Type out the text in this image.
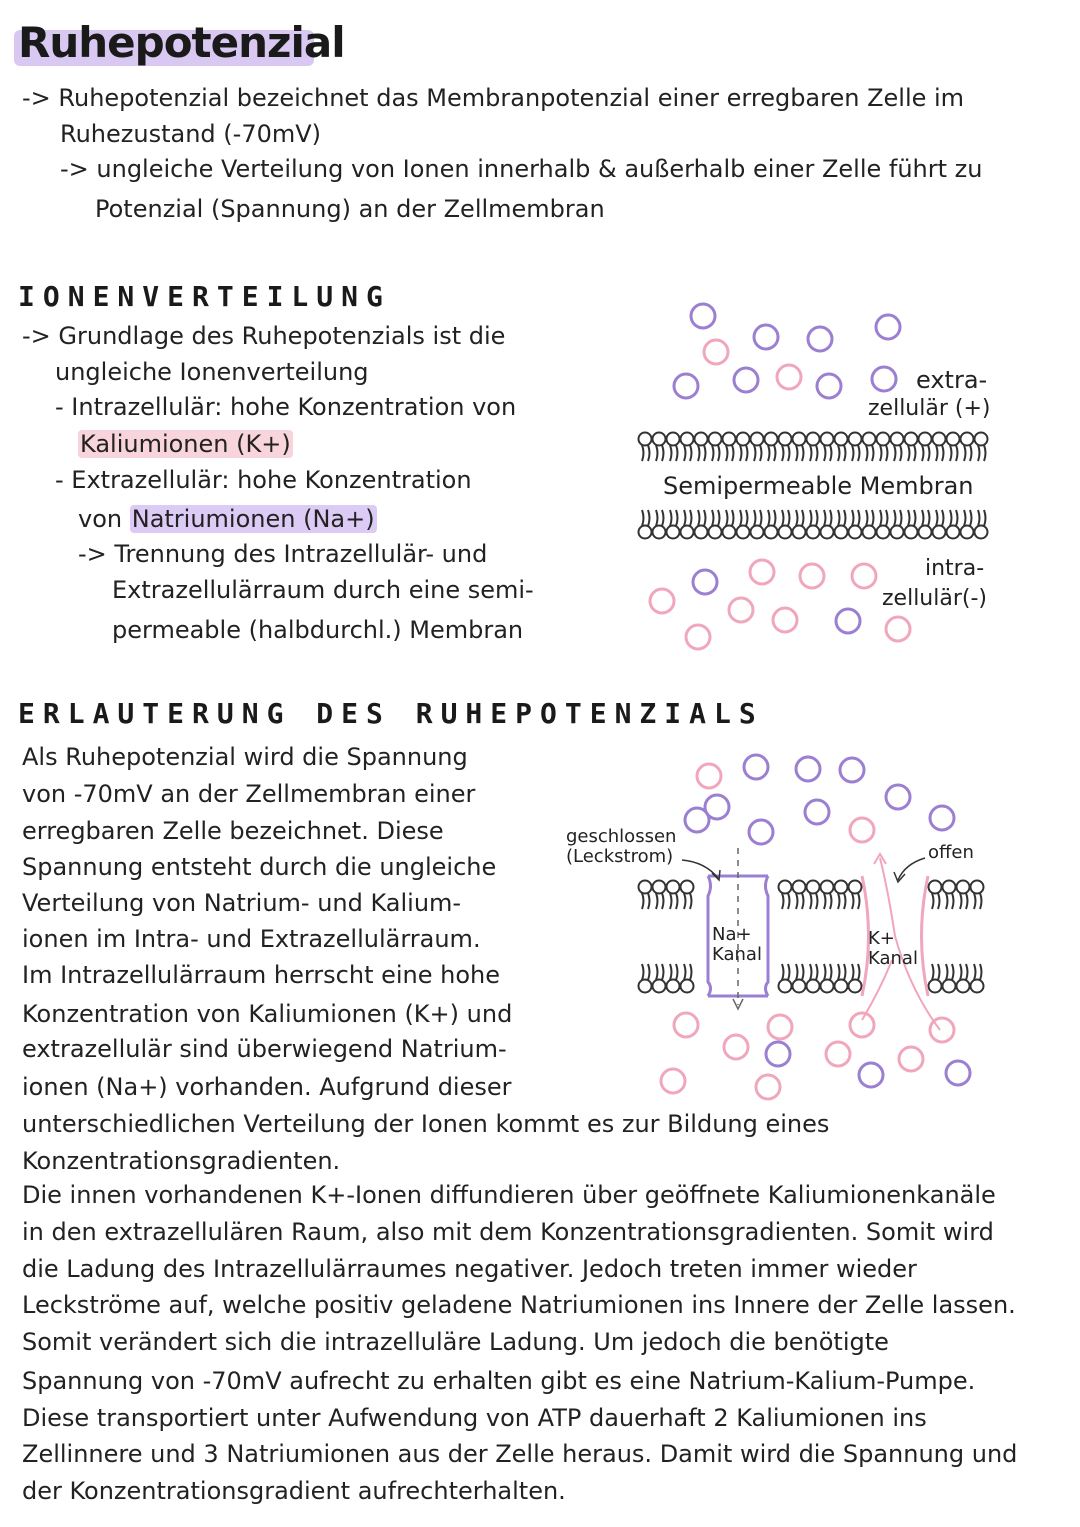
Ruhepotenzial
-> Ruhepotenzial bezeichnet das Membranpotenzial einer erregbaren Zelle im
Ruhezustand (-70mV)
-> ungleiche Verteilung von Ionen innerhalb & außerhalb einer Zelle führt zu
Potenzial (Spannung) an der Zellmembran
IONENVERTEILUNG
-> Grundlage des Ruhepotenzials ist die
ungleiche Ionenverteilung
- Intrazellulär: hohe Konzentration von
Kaliumionen (K+)
- Extrazellulär: hohe Konzentration
von Natriumionen (Na+)
-> Trennung des Intrazellulär- und
Extrazellulärraum durch eine semi-
permeable (halbdurchl.) Membran
extra-
zellulär (+)
Semipermeable Membran
intra-
zellulär(-)
ERLAUTERUNG DES RUHEPOTENZIALS
Als Ruhepotenzial wird die Spannung
von -70mV an der Zellmembran einer
erregbaren Zelle bezeichnet. Diese
Spannung entsteht durch die ungleiche
Verteilung von Natrium- und Kalium-
ionen im Intra- und Extrazellulärraum.
Im Intrazellulärraum herrscht eine hohe
Konzentration von Kaliumionen (K+) und
extrazellulär sind überwiegend Natrium-
ionen (Na+) vorhanden. Aufgrund dieser
unterschiedlichen Verteilung der Ionen kommt es zur Bildung eines
Konzentrationsgradienten.
Die innen vorhandenen K+-Ionen diffundieren über geöffnete Kaliumionenkanäle
in den extrazellulären Raum, also mit dem Konzentrationsgradienten. Somit wird
die Ladung des Intrazellulärraumes negativer. Jedoch treten immer wieder
Leckströme auf, welche positiv geladene Natriumionen ins Innere der Zelle lassen.
Somit verändert sich die intrazelluläre Ladung. Um jedoch die benötigte
Spannung von -70mV aufrecht zu erhalten gibt es eine Natrium-Kalium-Pumpe.
Diese transportiert unter Aufwendung von ATP dauerhaft 2 Kaliumionen ins
Zellinnere und 3 Natriumionen aus der Zelle heraus. Damit wird die Spannung und
der Konzentrationsgradient aufrechterhalten.
geschlossen
(Leckstrom)	offen
Na+
Kanal
K+
Kanal
